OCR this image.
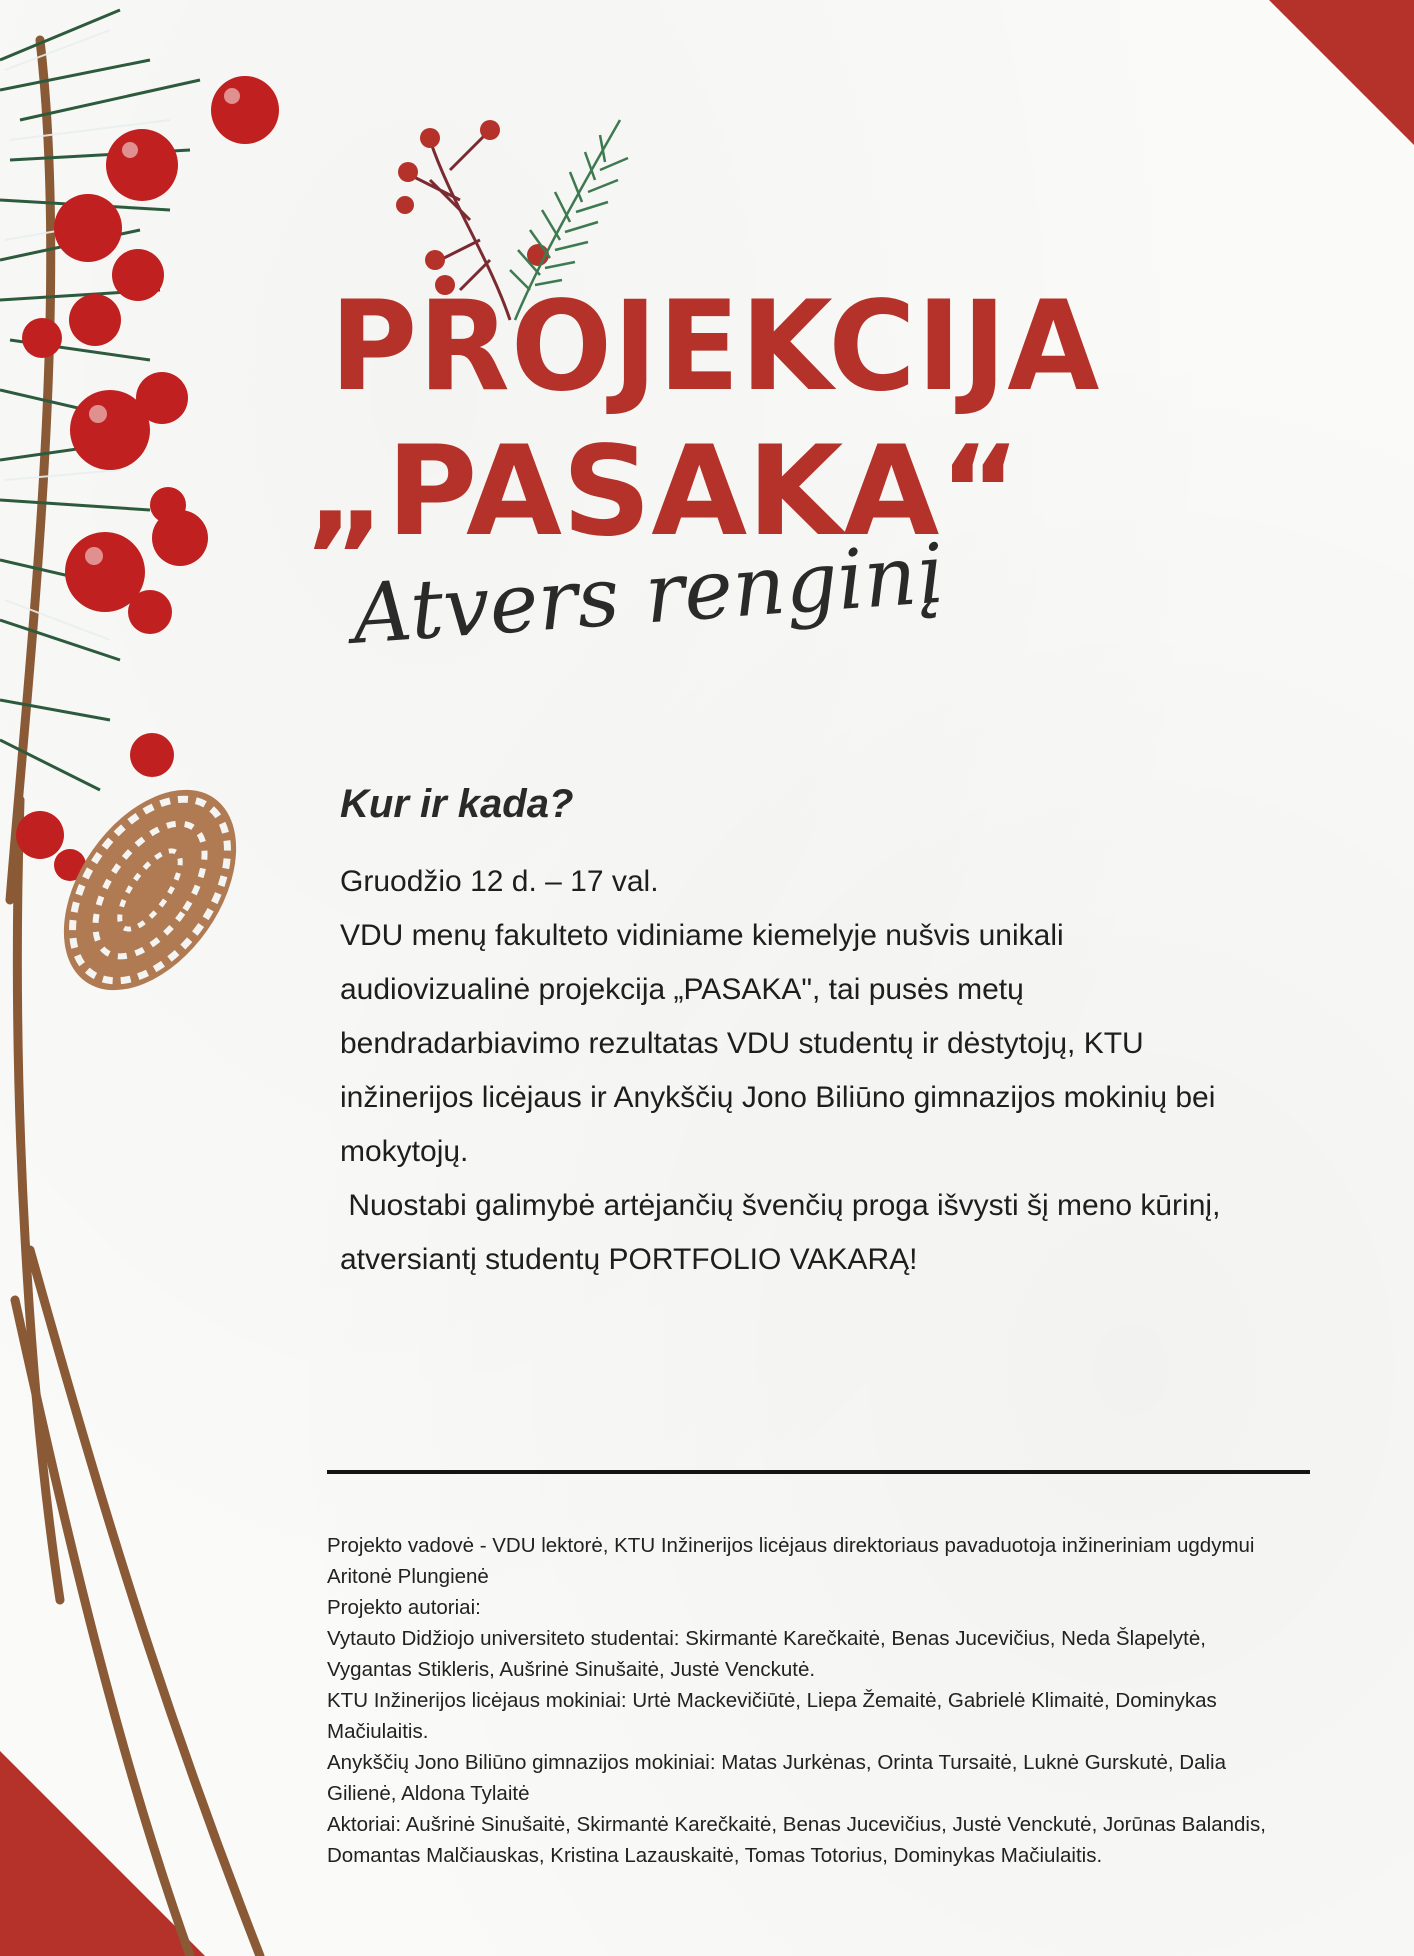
PROJEKCIJA
„PASAKA“
Atvers renginį
Kur ir kada?

Gruodžio 12 d. – 17 val.

VDU menų fakulteto vidiniame kiemelyje nušvis unikali

audiovizualinė projekcija „PASAKA", tai pusės metų

bendradarbiavimo rezultatas VDU studentų ir dėstytojų, KTU

inžinerijos licėjaus ir Anykščių Jono Biliūno gimnazijos mokinių bei

mokytojų.

Nuostabi galimybė artėjančių švenčių proga išvysti šį meno kūrinį,

atversiantį studentų PORTFOLIO VAKARĄ!

Projekto vadovė - VDU lektorė, KTU Inžinerijos licėjaus direktoriaus pavaduotoja inžineriniam ugdymui

Aritonė Plungienė

Projekto autoriai:

Vytauto Didžiojo universiteto studentai: Skirmantė Karečkaitė, Benas Jucevičius, Neda Šlapelytė,

Vygantas Stikleris, Aušrinė Sinušaitė, Justė Venckutė.

KTU Inžinerijos licėjaus mokiniai: Urtė Mackevičiūtė, Liepa Žemaitė, Gabrielė Klimaitė, Dominykas

Mačiulaitis.

Anykščių Jono Biliūno gimnazijos mokiniai: Matas Jurkėnas, Orinta Tursaitė, Luknė Gurskutė, Dalia

Gilienė, Aldona Tylaitė

Aktoriai: Aušrinė Sinušaitė, Skirmantė Karečkaitė, Benas Jucevičius, Justė Venckutė, Jorūnas Balandis,

Domantas Malčiauskas, Kristina Lazauskaitė, Tomas Totorius, Dominykas Mačiulaitis.
